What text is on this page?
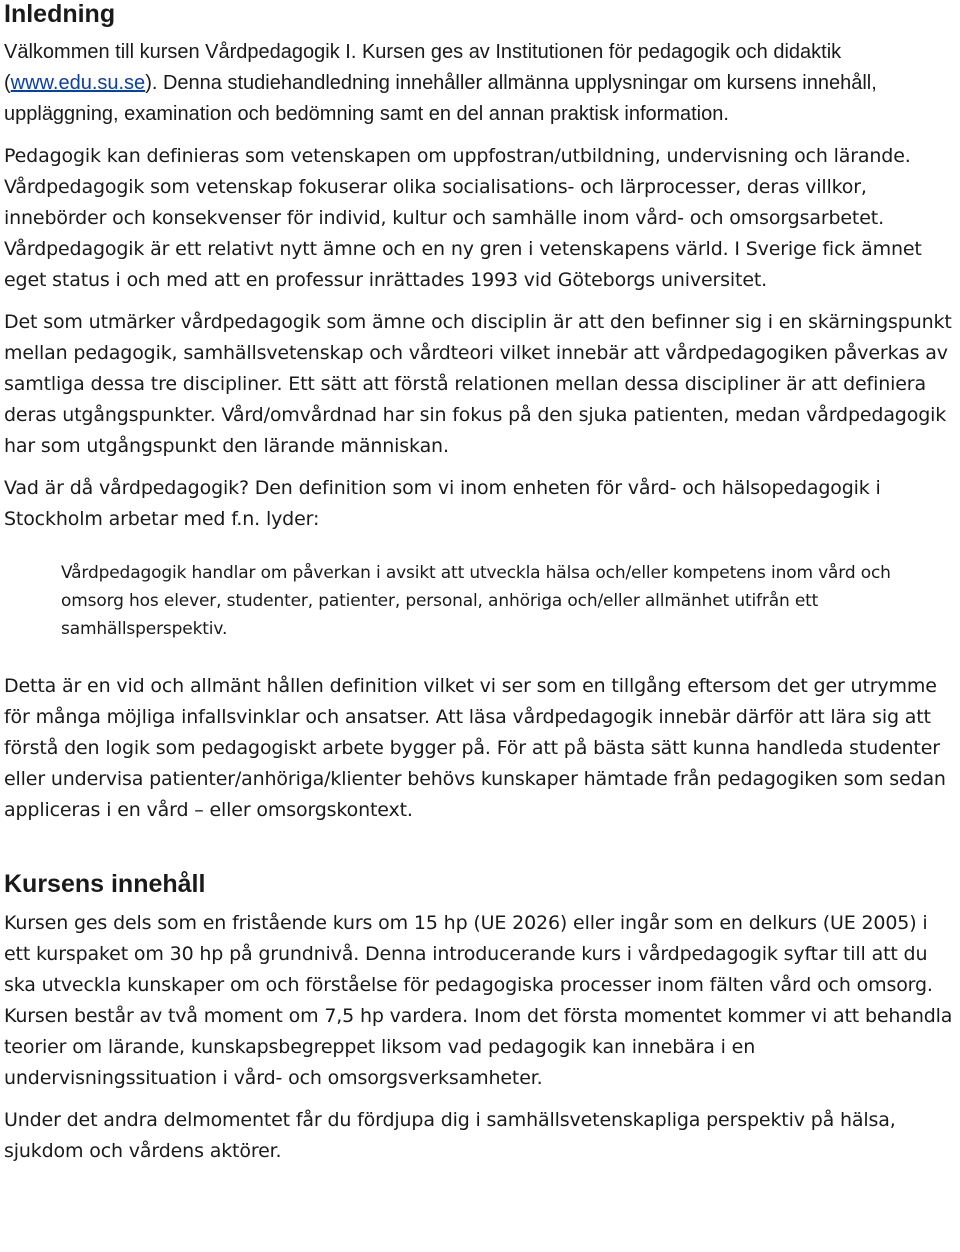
Inledning

Välkommen till kursen Vårdpedagogik I. Kursen ges av Institutionen för pedagogik och didaktik (www.edu.su.se). Denna studiehandledning innehåller allmänna upplysningar om kursens innehåll, uppläggning, examination och bedömning samt en del annan praktisk information.

Pedagogik kan definieras som vetenskapen om uppfostran/utbildning, undervisning och lärande. Vårdpedagogik som vetenskap fokuserar olika socialisations- och lärprocesser, deras villkor, innebörder och konsekvenser för individ, kultur och samhälle inom vård- och omsorgsarbetet. Vårdpedagogik är ett relativt nytt ämne och en ny gren i vetenskapens värld. I Sverige fick ämnet eget status i och med att en professur inrättades 1993 vid Göteborgs universitet.

Det som utmärker vårdpedagogik som ämne och disciplin är att den befinner sig i en skärningspunkt mellan pedagogik, samhällsvetenskap och vårdteori vilket innebär att vårdpedagogiken påverkas av samtliga dessa tre discipliner. Ett sätt att förstå relationen mellan dessa discipliner är att definiera deras utgångspunkter. Vård/omvårdnad har sin fokus på den sjuka patienten, medan vårdpedagogik har som utgångspunkt den lärande människan.

Vad är då vårdpedagogik? Den definition som vi inom enheten för vård- och hälsopedagogik i Stockholm arbetar med f.n. lyder:

Vårdpedagogik handlar om påverkan i avsikt att utveckla hälsa och/eller kompetens inom vård och omsorg hos elever, studenter, patienter, personal, anhöriga och/eller allmänhet utifrån ett samhällsperspektiv.

Detta är en vid och allmänt hållen definition vilket vi ser som en tillgång eftersom det ger utrymme för många möjliga infallsvinklar och ansatser. Att läsa vårdpedagogik innebär därför att lära sig att förstå den logik som pedagogiskt arbete bygger på. För att på bästa sätt kunna handleda studenter eller undervisa patienter/anhöriga/klienter behövs kunskaper hämtade från pedagogiken som sedan appliceras i en vård – eller omsorgskontext.

Kursens innehåll

Kursen ges dels som en fristående kurs om 15 hp (UE 2026) eller ingår som en delkurs (UE 2005) i ett kurspaket om 30 hp på grundnivå. Denna introducerande kurs i vårdpedagogik syftar till att du ska utveckla kunskaper om och förståelse för pedagogiska processer inom fälten vård och omsorg. Kursen består av två moment om 7,5 hp vardera. Inom det första momentet kommer vi att behandla teorier om lärande, kunskapsbegreppet liksom vad pedagogik kan innebära i en undervisningssituation i vård- och omsorgsverksamheter.

Under det andra delmomentet får du fördjupa dig i samhällsvetenskapliga perspektiv på hälsa, sjukdom och vårdens aktörer.
